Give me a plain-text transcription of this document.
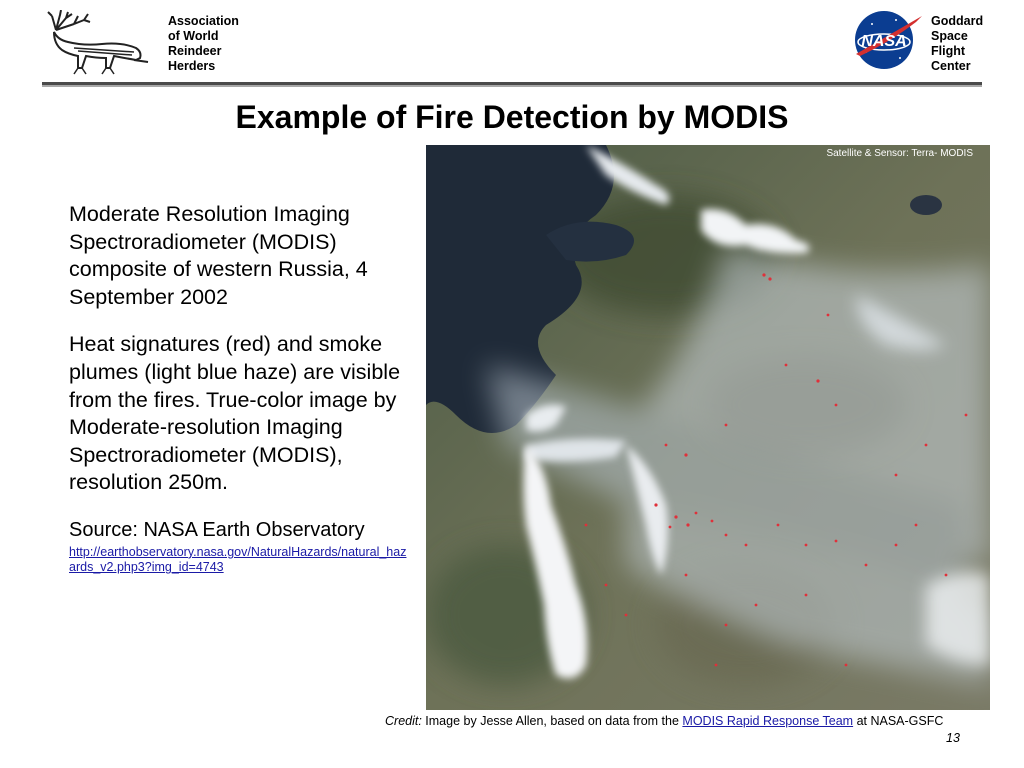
Association
of World
Reindeer
Herders
NASA
Goddard
Space
Flight
Center
Example of Fire Detection by MODIS
Moderate Resolution Imaging Spectroradiometer (MODIS) composite of western Russia, 4 September 2002
Heat signatures (red) and smoke plumes (light blue haze) are visible from the fires. True-color image by Moderate-resolution Imaging Spectroradiometer (MODIS), resolution 250m.
Source: NASA Earth Observatory
http://earthobservatory.nasa.gov/NaturalHazards/natural_hazards_v2.php3?img_id=4743
Satellite & Sensor: Terra- MODIS
Credit: Image by Jesse Allen, based on data from the MODIS Rapid Response Team at NASA-GSFC
13
